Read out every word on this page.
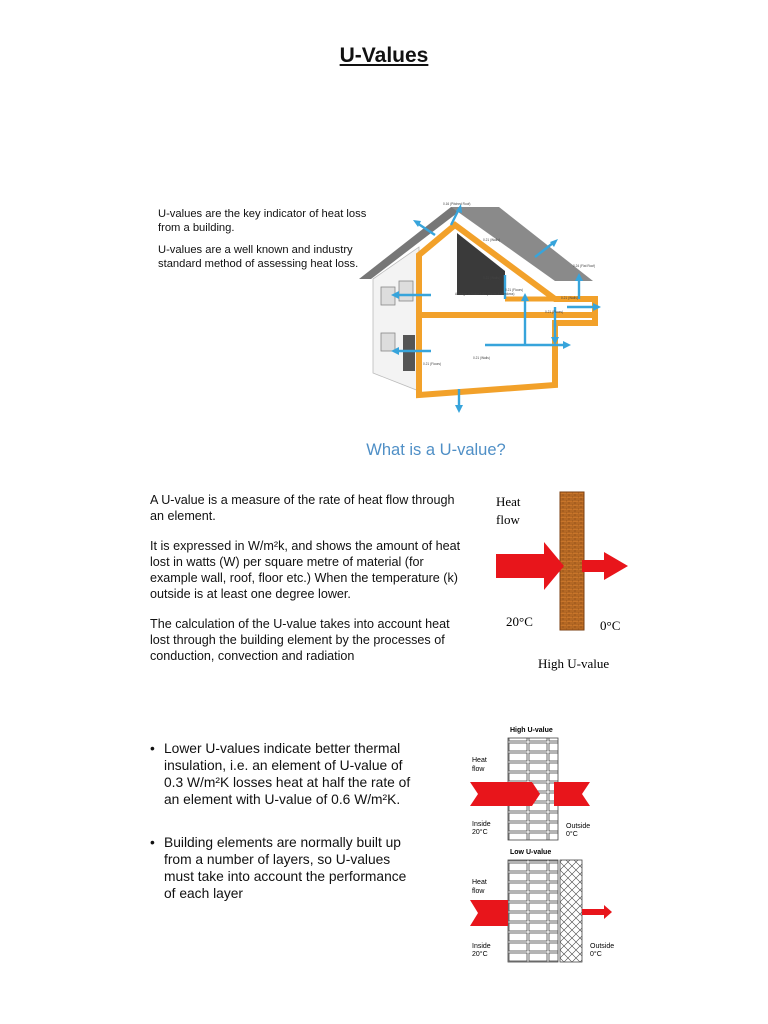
U-Values

U-values are the key indicator of heat loss from a building.

U-values are a well known and industry standard method of assessing heat loss.

0.16 (Pitched Roof)
0.21 (Walls)
0.24 (Flat Roof)
0.21 (Walls)
0.21 (Floors)
Average U-Value 1.60 (Doors & Windows)
0.21 (Walls)
0.21 (Floors)
0.21 (Walls)
0.21 (Floors)
What is a U-value?

A U-value is a measure of the rate of heat flow through an element.

It is expressed in W/m²k, and shows the amount of heat lost in watts (W) per square metre of material (for example wall, roof, floor etc.) When the temperature (k) outside is at least one degree lower.

The calculation of the U-value takes into account heat lost through the building element by the processes of conduction, convection and radiation

Heat
flow
20°C	0°C
High U-value
• Lower U-values indicate better thermal insulation, i.e. an element of U-value of 0.3 W/m²K losses heat at half the rate of an element with U-value of 0.6 W/m²K.
• Building elements are normally built up from a number of layers, so U-values must take into account the performance of each layer
High U-value
Heat
flow
Inside
20°C
Outside
0°C
Low U-value
Heat
flow
Inside
20°C
Outside
0°C
